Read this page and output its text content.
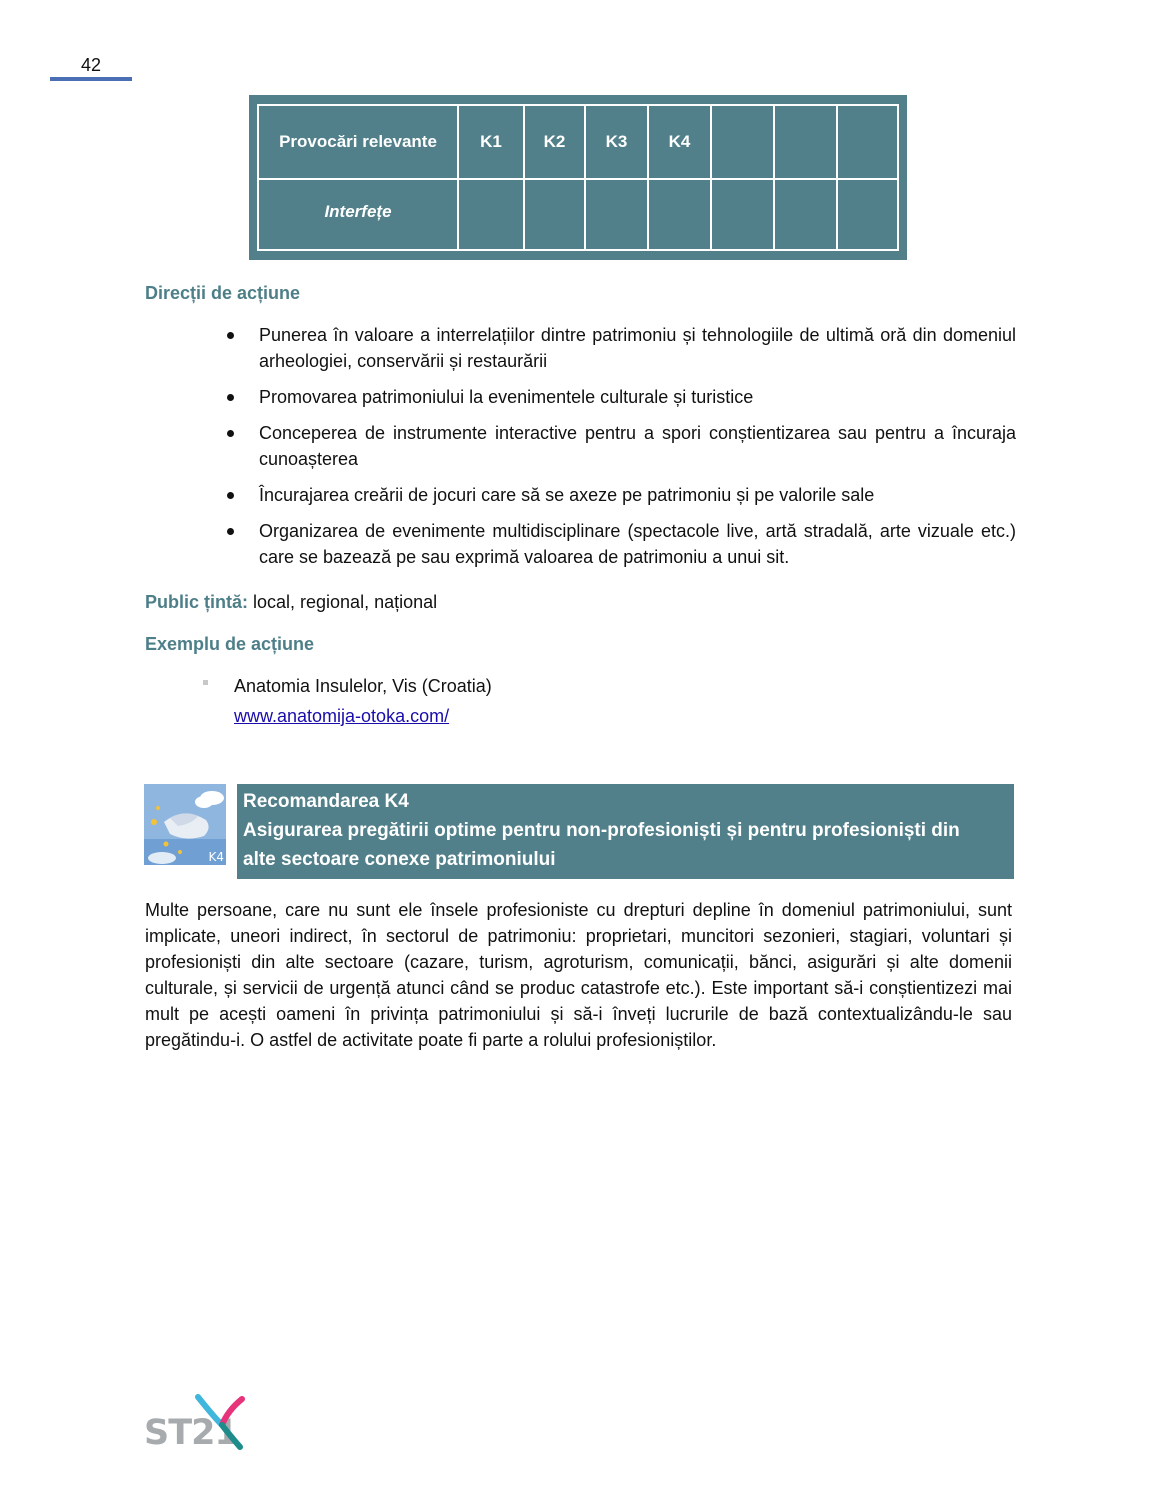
42
Provocări relevante	K1	K2	K3	K4
Interfețe
Direcții de acțiune
Punerea în valoare a interrelațiilor dintre patrimoniu și tehnologiile de ultimă oră din domeniul arheologiei, conservării și restaurării
Promovarea patrimoniului la evenimentele culturale și turistice
Conceperea de instrumente interactive pentru a spori conștientizarea sau pentru a încuraja cunoașterea
Încurajarea creării de jocuri care să se axeze pe patrimoniu și pe valorile sale
Organizarea de evenimente multidisciplinare (spectacole live, artă stradală, arte vizuale etc.) care se bazează pe sau exprimă valoarea de patrimoniu a unui sit.
Public țintă: local, regional, național
Exemplu de acțiune
Anatomia Insulelor, Vis (Croatia)
www.anatomija-otoka.com/
K4
Recomandarea K4
Asigurarea pregătirii optime pentru non-profesioniști și pentru profesioniști din
alte sectoare conexe patrimoniului
Multe persoane, care nu sunt ele însele profesioniste cu drepturi depline în domeniul patrimoniului, sunt implicate, uneori indirect, în sectorul de patrimoniu: proprietari, muncitori sezonieri, stagiari, voluntari și profesioniști din alte sectoare (cazare, turism, agroturism, comunicații, bănci, asigurări și alte domenii culturale, și servicii de urgență atunci când se produc catastrofe etc.). Este important să-i conștientizezi mai mult pe acești oameni în privința patrimoniului și să-i înveți lucrurile de bază contextualizându-le sau pregătindu-i. O astfel de activitate poate fi parte a rolului profesioniștilor.
ST21
